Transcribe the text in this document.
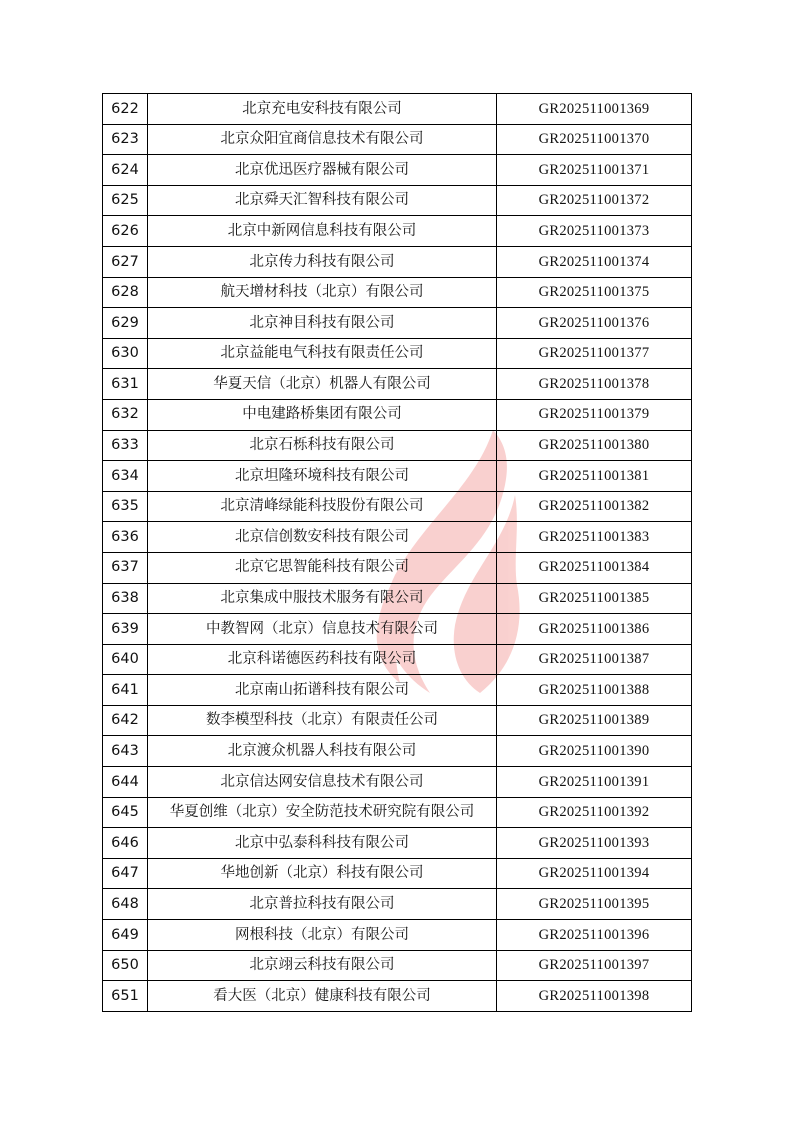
622	北京充电安科技有限公司	GR202511001369
623	北京众阳宜商信息技术有限公司	GR202511001370
624	北京优迅医疗器械有限公司	GR202511001371
625	北京舜天汇智科技有限公司	GR202511001372
626	北京中新网信息科技有限公司	GR202511001373
627	北京传力科技有限公司	GR202511001374
628	航天增材科技（北京）有限公司	GR202511001375
629	北京神目科技有限公司	GR202511001376
630	北京益能电气科技有限责任公司	GR202511001377
631	华夏天信（北京）机器人有限公司	GR202511001378
632	中电建路桥集团有限公司	GR202511001379
633	北京石栎科技有限公司	GR202511001380
634	北京坦隆环境科技有限公司	GR202511001381
635	北京清峰绿能科技股份有限公司	GR202511001382
636	北京信创数安科技有限公司	GR202511001383
637	北京它思智能科技有限公司	GR202511001384
638	北京集成中服技术服务有限公司	GR202511001385
639	中教智网（北京）信息技术有限公司	GR202511001386
640	北京科诺德医药科技有限公司	GR202511001387
641	北京南山拓谱科技有限公司	GR202511001388
642	数李模型科技（北京）有限责任公司	GR202511001389
643	北京渡众机器人科技有限公司	GR202511001390
644	北京信达网安信息技术有限公司	GR202511001391
645	华夏创维（北京）安全防范技术研究院有限公司	GR202511001392
646	北京中弘泰科科技有限公司	GR202511001393
647	华地创新（北京）科技有限公司	GR202511001394
648	北京普拉科技有限公司	GR202511001395
649	网根科技（北京）有限公司	GR202511001396
650	北京翊云科技有限公司	GR202511001397
651	看大医（北京）健康科技有限公司	GR202511001398
